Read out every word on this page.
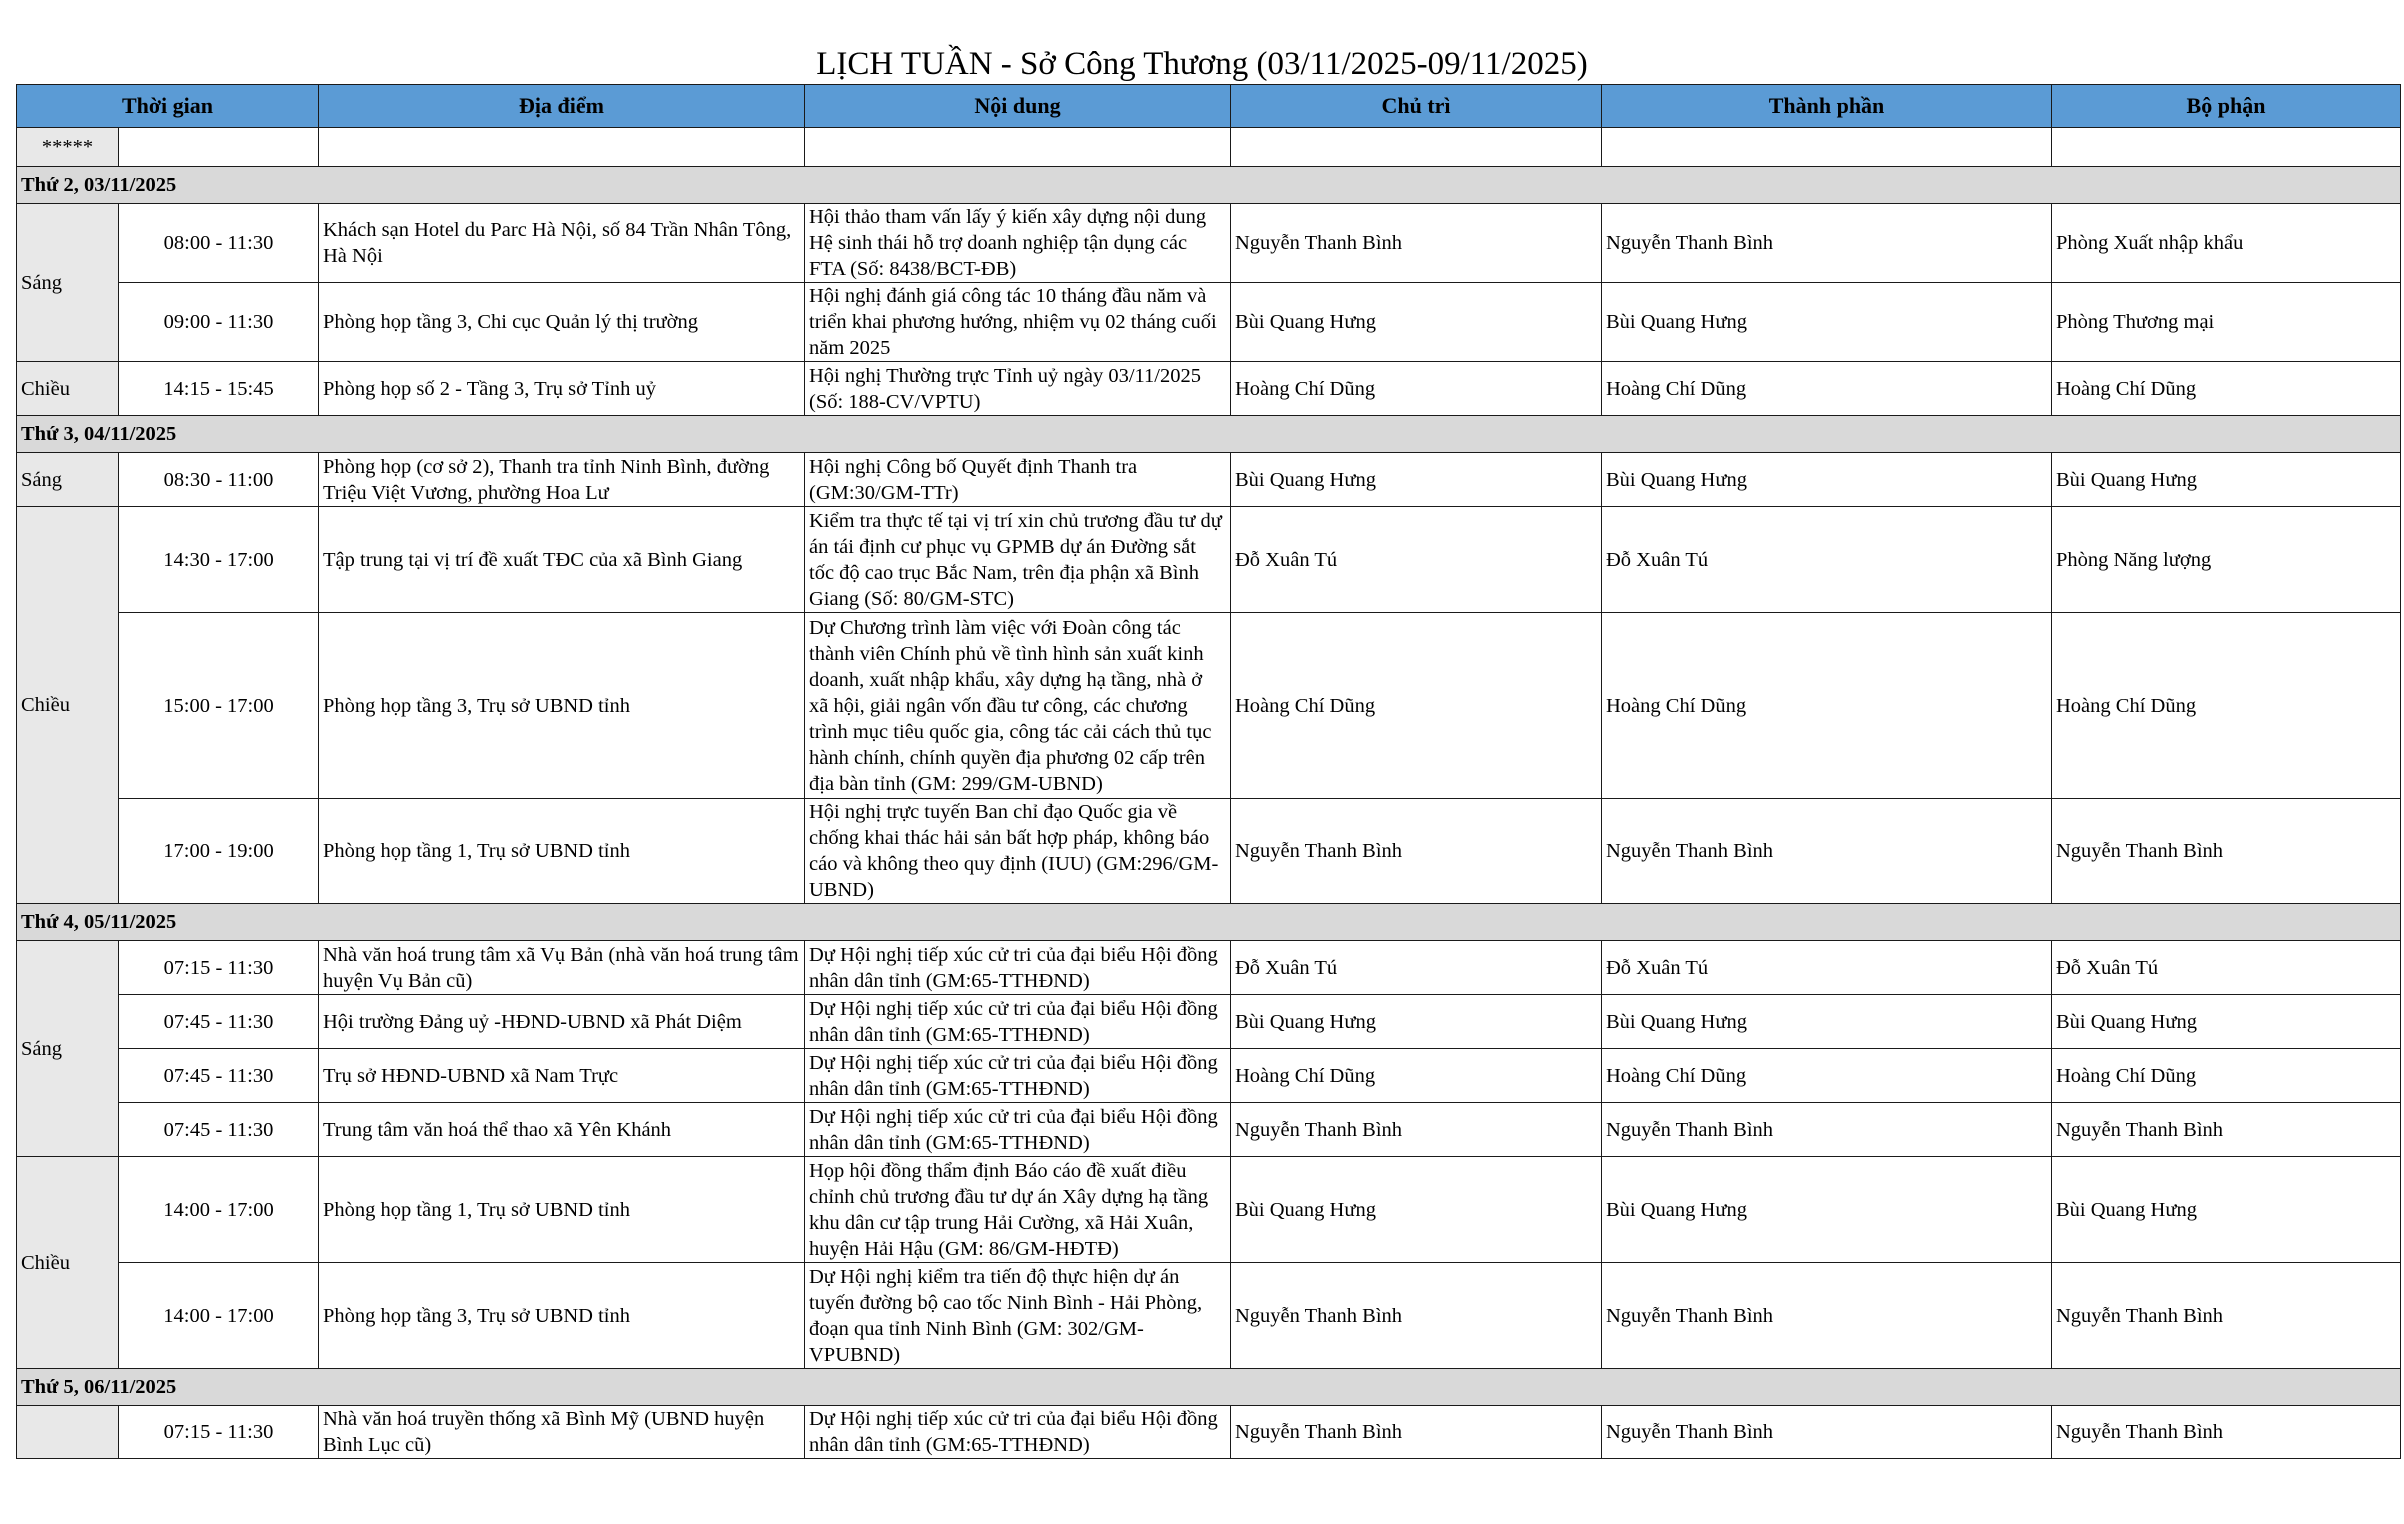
LỊCH TUẦN - Sở Công Thương (03/11/2025-09/11/2025)
Thời gian		Địa điểm	Nội dung	Chủ trì	Thành phần	Bộ phận
*****						
Thứ 2, 03/11/2025						
Sáng	08:00 - 11:30	Khách sạn Hotel du Parc Hà Nội, số 84 Trần Nhân Tông, Hà Nội	Hội thảo tham vấn lấy ý kiến xây dựng nội dung Hệ sinh thái hỗ trợ doanh nghiệp tận dụng các FTA (Số: 8438/BCT-ĐB)	Nguyễn Thanh Bình	Nguyễn Thanh Bình	Phòng Xuất nhập khẩu
	09:00 - 11:30	Phòng họp tầng 3, Chi cục Quản lý thị trường	Hội nghị đánh giá công tác 10 tháng đầu năm và triển khai phương hướng, nhiệm vụ 02 tháng cuối năm 2025	Bùi Quang Hưng	Bùi Quang Hưng	Phòng Thương mại
Chiều	14:15 - 15:45	Phòng họp số 2 - Tầng 3, Trụ sở Tỉnh uỷ	Hội nghị Thường trực Tỉnh uỷ ngày 03/11/2025 (Số: 188-CV/VPTU)	Hoàng Chí Dũng	Hoàng Chí Dũng	Hoàng Chí Dũng
Thứ 3, 04/11/2025						
Sáng	08:30 - 11:00	Phòng họp (cơ sở 2), Thanh tra tỉnh Ninh Bình, đường Triệu Việt Vương, phường Hoa Lư	Hội nghị Công bố Quyết định Thanh tra (GM:30/GM-TTr)	Bùi Quang Hưng	Bùi Quang Hưng	Bùi Quang Hưng
Chiều	14:30 - 17:00	Tập trung tại vị trí đề xuất TĐC của xã Bình Giang	Kiểm tra thực tế tại vị trí xin chủ trương đầu tư dự án tái định cư phục vụ GPMB dự án Đường sắt tốc độ cao trục Bắc Nam, trên địa phận xã Bình Giang (Số: 80/GM-STC)	Đỗ Xuân Tú	Đỗ Xuân Tú	Phòng Năng lượng
	15:00 - 17:00	Phòng họp tầng 3, Trụ sở UBND tỉnh	Dự Chương trình làm việc với Đoàn công tác thành viên Chính phủ về tình hình sản xuất kinh doanh, xuất nhập khẩu, xây dựng hạ tầng, nhà ở xã hội, giải ngân vốn đầu tư công, các chương trình mục tiêu quốc gia, công tác cải cách thủ tục hành chính, chính quyền địa phương 02 cấp trên địa bàn tỉnh (GM: 299/GM-UBND)	Hoàng Chí Dũng	Hoàng Chí Dũng	Hoàng Chí Dũng
	17:00 - 19:00	Phòng họp tầng 1, Trụ sở UBND tỉnh	Hội nghị trực tuyến Ban chỉ đạo Quốc gia về chống khai thác hải sản bất hợp pháp, không báo cáo và không theo quy định (IUU) (GM:296/GM-UBND)	Nguyễn Thanh Bình	Nguyễn Thanh Bình	Nguyễn Thanh Bình
Thứ 4, 05/11/2025						
Sáng	07:15 - 11:30	Nhà văn hoá trung tâm xã Vụ Bản (nhà văn hoá trung tâm huyện Vụ Bản cũ)	Dự Hội nghị tiếp xúc cử tri của đại biểu Hội đồng nhân dân tỉnh (GM:65-TTHĐND)	Đỗ Xuân Tú	Đỗ Xuân Tú	Đỗ Xuân Tú
	07:45 - 11:30	Hội trường Đảng uỷ -HĐND-UBND xã Phát Diệm	Dự Hội nghị tiếp xúc cử tri của đại biểu Hội đồng nhân dân tỉnh (GM:65-TTHĐND)	Bùi Quang Hưng	Bùi Quang Hưng	Bùi Quang Hưng
	07:45 - 11:30	Trụ sở HĐND-UBND xã Nam Trực	Dự Hội nghị tiếp xúc cử tri của đại biểu Hội đồng nhân dân tỉnh (GM:65-TTHĐND)	Hoàng Chí Dũng	Hoàng Chí Dũng	Hoàng Chí Dũng
	07:45 - 11:30	Trung tâm văn hoá thể thao xã Yên Khánh	Dự Hội nghị tiếp xúc cử tri của đại biểu Hội đồng nhân dân tỉnh (GM:65-TTHĐND)	Nguyễn Thanh Bình	Nguyễn Thanh Bình	Nguyễn Thanh Bình
Chiều	14:00 - 17:00	Phòng họp tầng 1, Trụ sở UBND tỉnh	Họp hội đồng thẩm định Báo cáo đề xuất điều chỉnh chủ trương đầu tư dự án Xây dựng hạ tầng khu dân cư tập trung Hải Cường, xã Hải Xuân, huyện Hải Hậu (GM: 86/GM-HĐTĐ)	Bùi Quang Hưng	Bùi Quang Hưng	Bùi Quang Hưng
	14:00 - 17:00	Phòng họp tầng 3, Trụ sở UBND tỉnh	Dự Hội nghị kiểm tra tiến độ thực hiện dự án tuyến đường bộ cao tốc Ninh Bình - Hải Phòng, đoạn qua tỉnh Ninh Bình (GM: 302/GM-VPUBND)	Nguyễn Thanh Bình	Nguyễn Thanh Bình	Nguyễn Thanh Bình
Thứ 5, 06/11/2025						
	07:15 - 11:30	Nhà văn hoá truyền thống xã Bình Mỹ (UBND huyện Bình Lục cũ)	Dự Hội nghị tiếp xúc cử tri của đại biểu Hội đồng nhân dân tỉnh (GM:65-TTHĐND)	Nguyễn Thanh Bình	Nguyễn Thanh Bình	Nguyễn Thanh Bình
